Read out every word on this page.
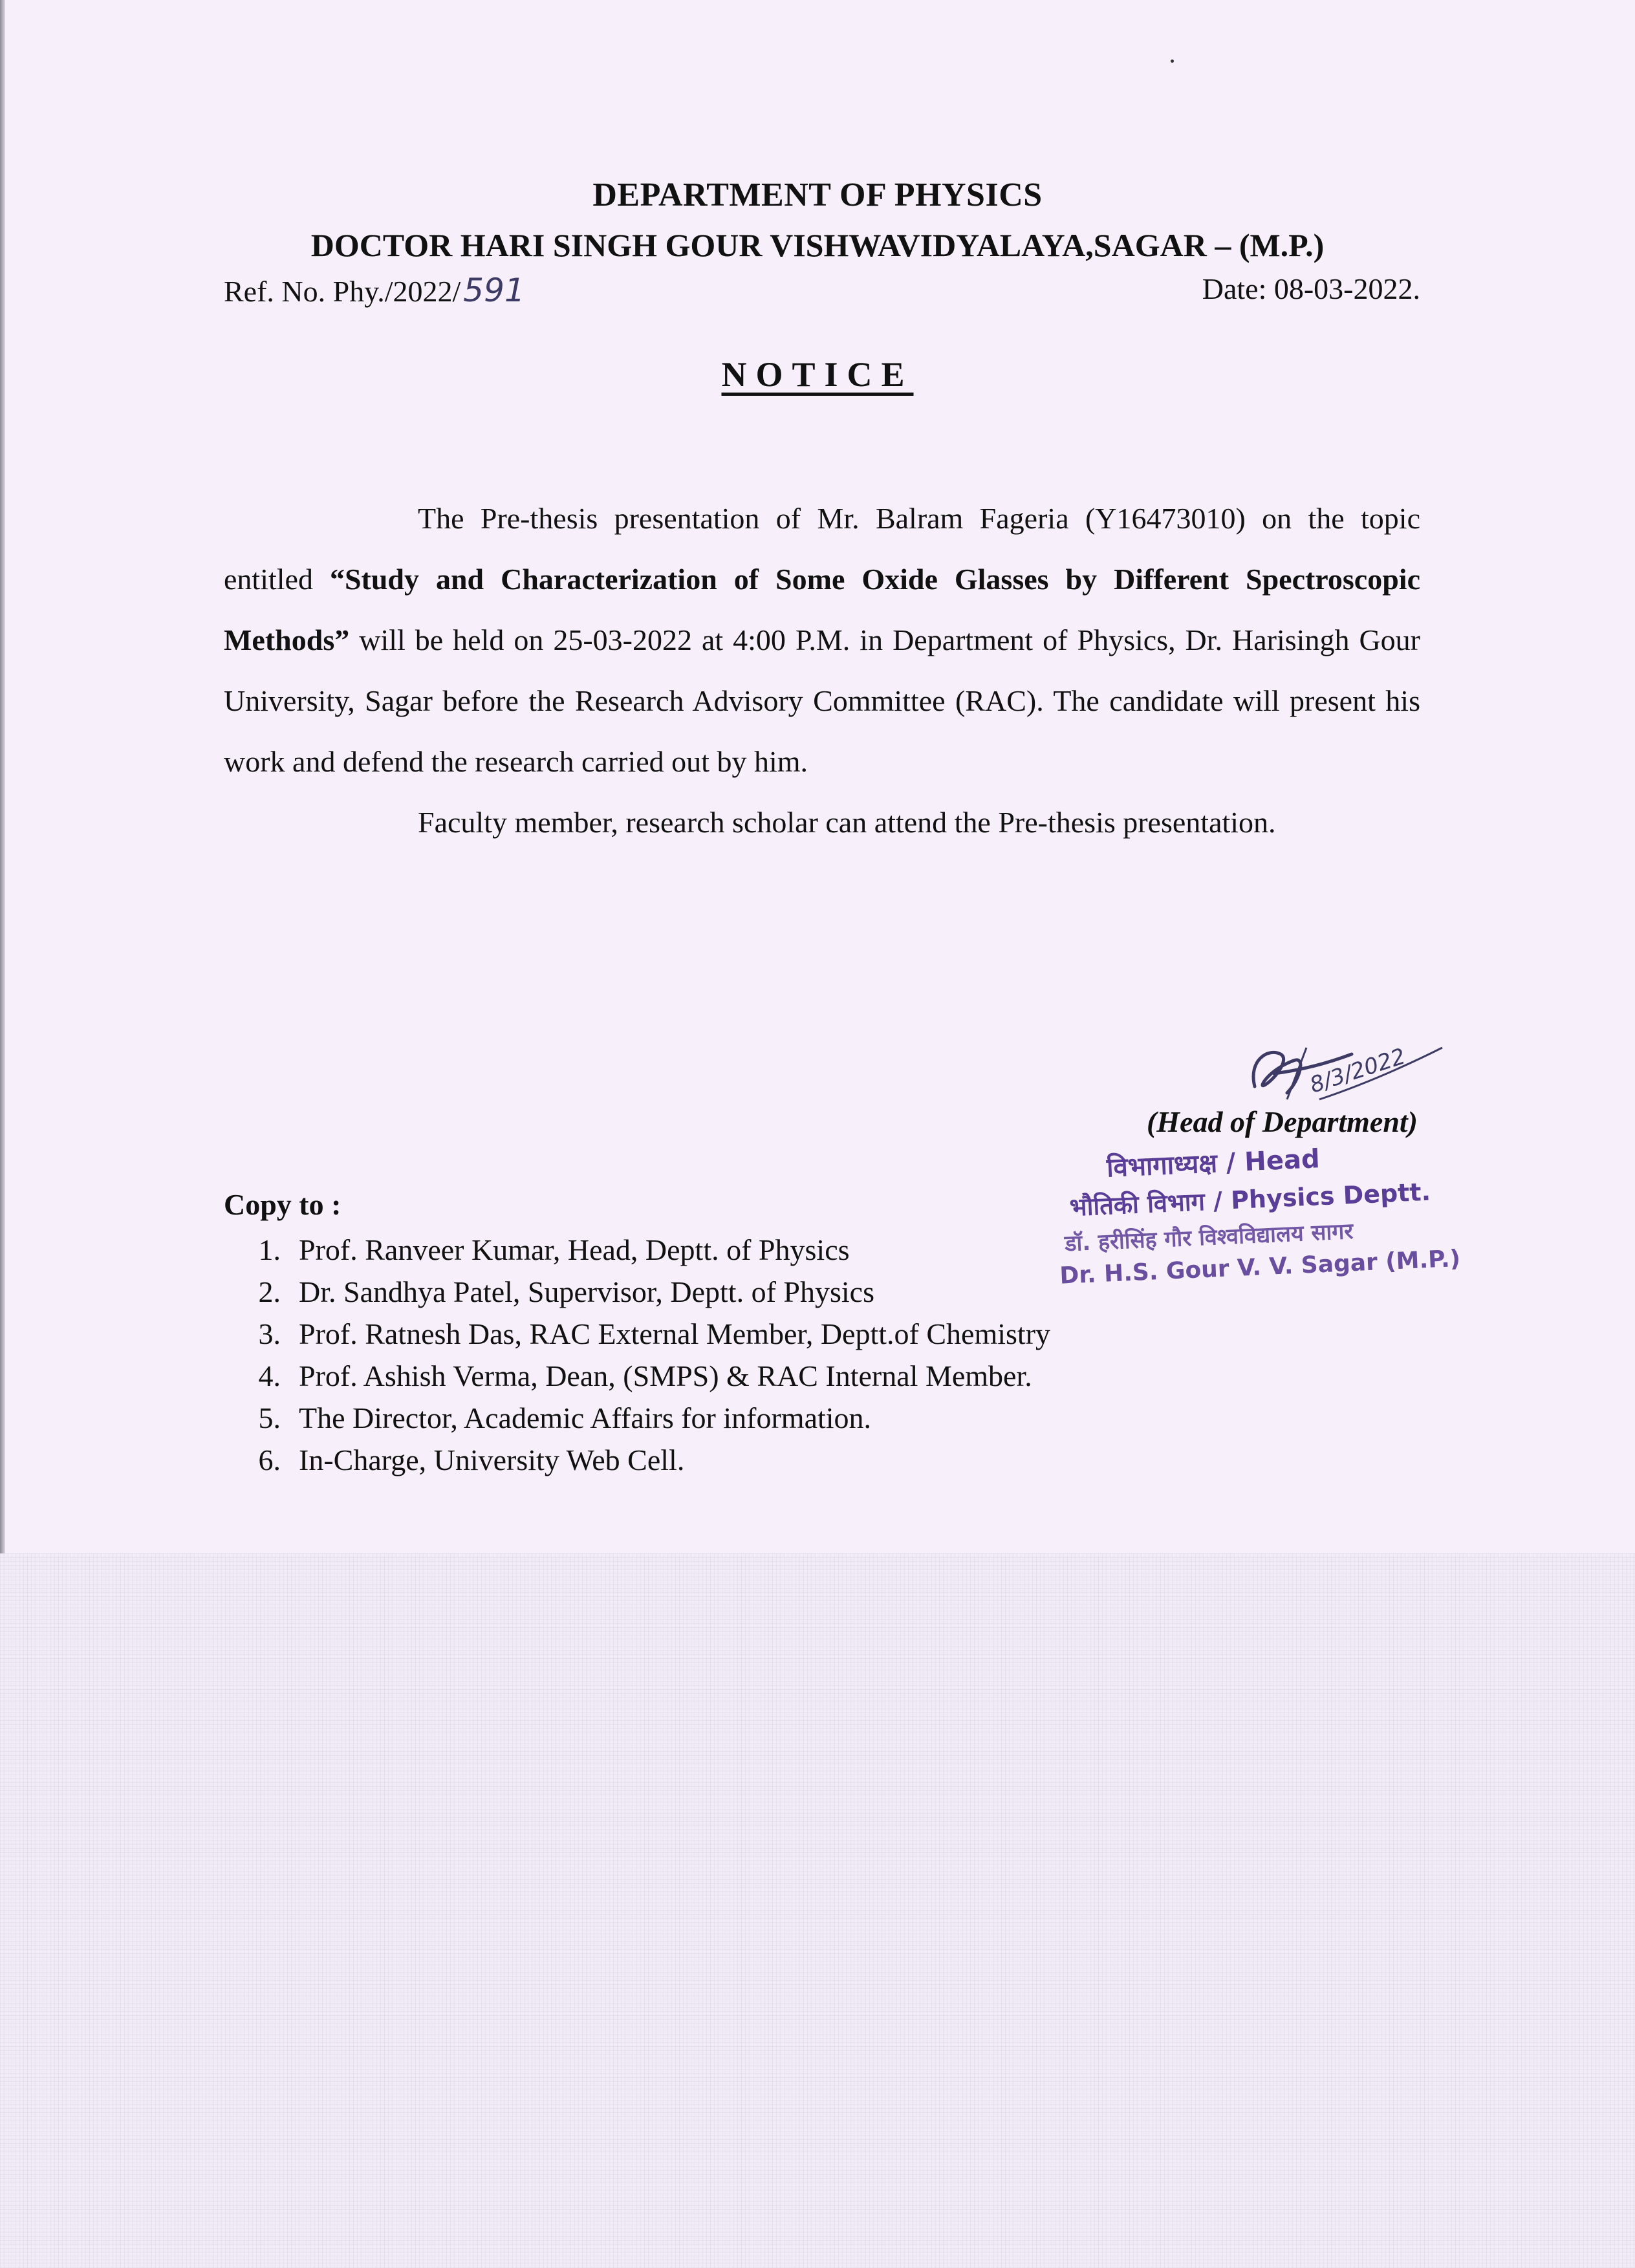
DEPARTMENT OF PHYSICS
DOCTOR HARI SINGH GOUR VISHWAVIDYALAYA,SAGAR – (M.P.)
Ref. No. Phy./2022/591	Date: 08-03-2022.
NOTICE

The Pre-thesis presentation of Mr. Balram Fageria (Y16473010) on the topic entitled “Study and Characterization of Some Oxide Glasses by Different Spectroscopic Methods” will be held on 25-03-2022 at 4:00 P.M. in Department of Physics, Dr. Harisingh Gour University, Sagar before the Research Advisory Committee (RAC). The candidate will present his work and defend the research carried out by him.

Faculty member, research scholar can attend the Pre-thesis presentation.

8/3/2022
(Head of Department)
विभागाध्यक्ष / Head
भौतिकी विभाग / Physics Deptt.
डॉ. हरीसिंह गौर विश्वविद्यालय सागर
Dr. H.S. Gour V. V. Sagar (M.P.)
Copy to :
1. Prof. Ranveer Kumar, Head, Deptt. of Physics
2. Dr. Sandhya Patel, Supervisor, Deptt. of Physics
3. Prof. Ratnesh Das, RAC External Member, Deptt.of Chemistry
4. Prof. Ashish Verma, Dean, (SMPS) & RAC Internal Member.
5. The Director, Academic Affairs for information.
6. In-Charge, University Web Cell.
